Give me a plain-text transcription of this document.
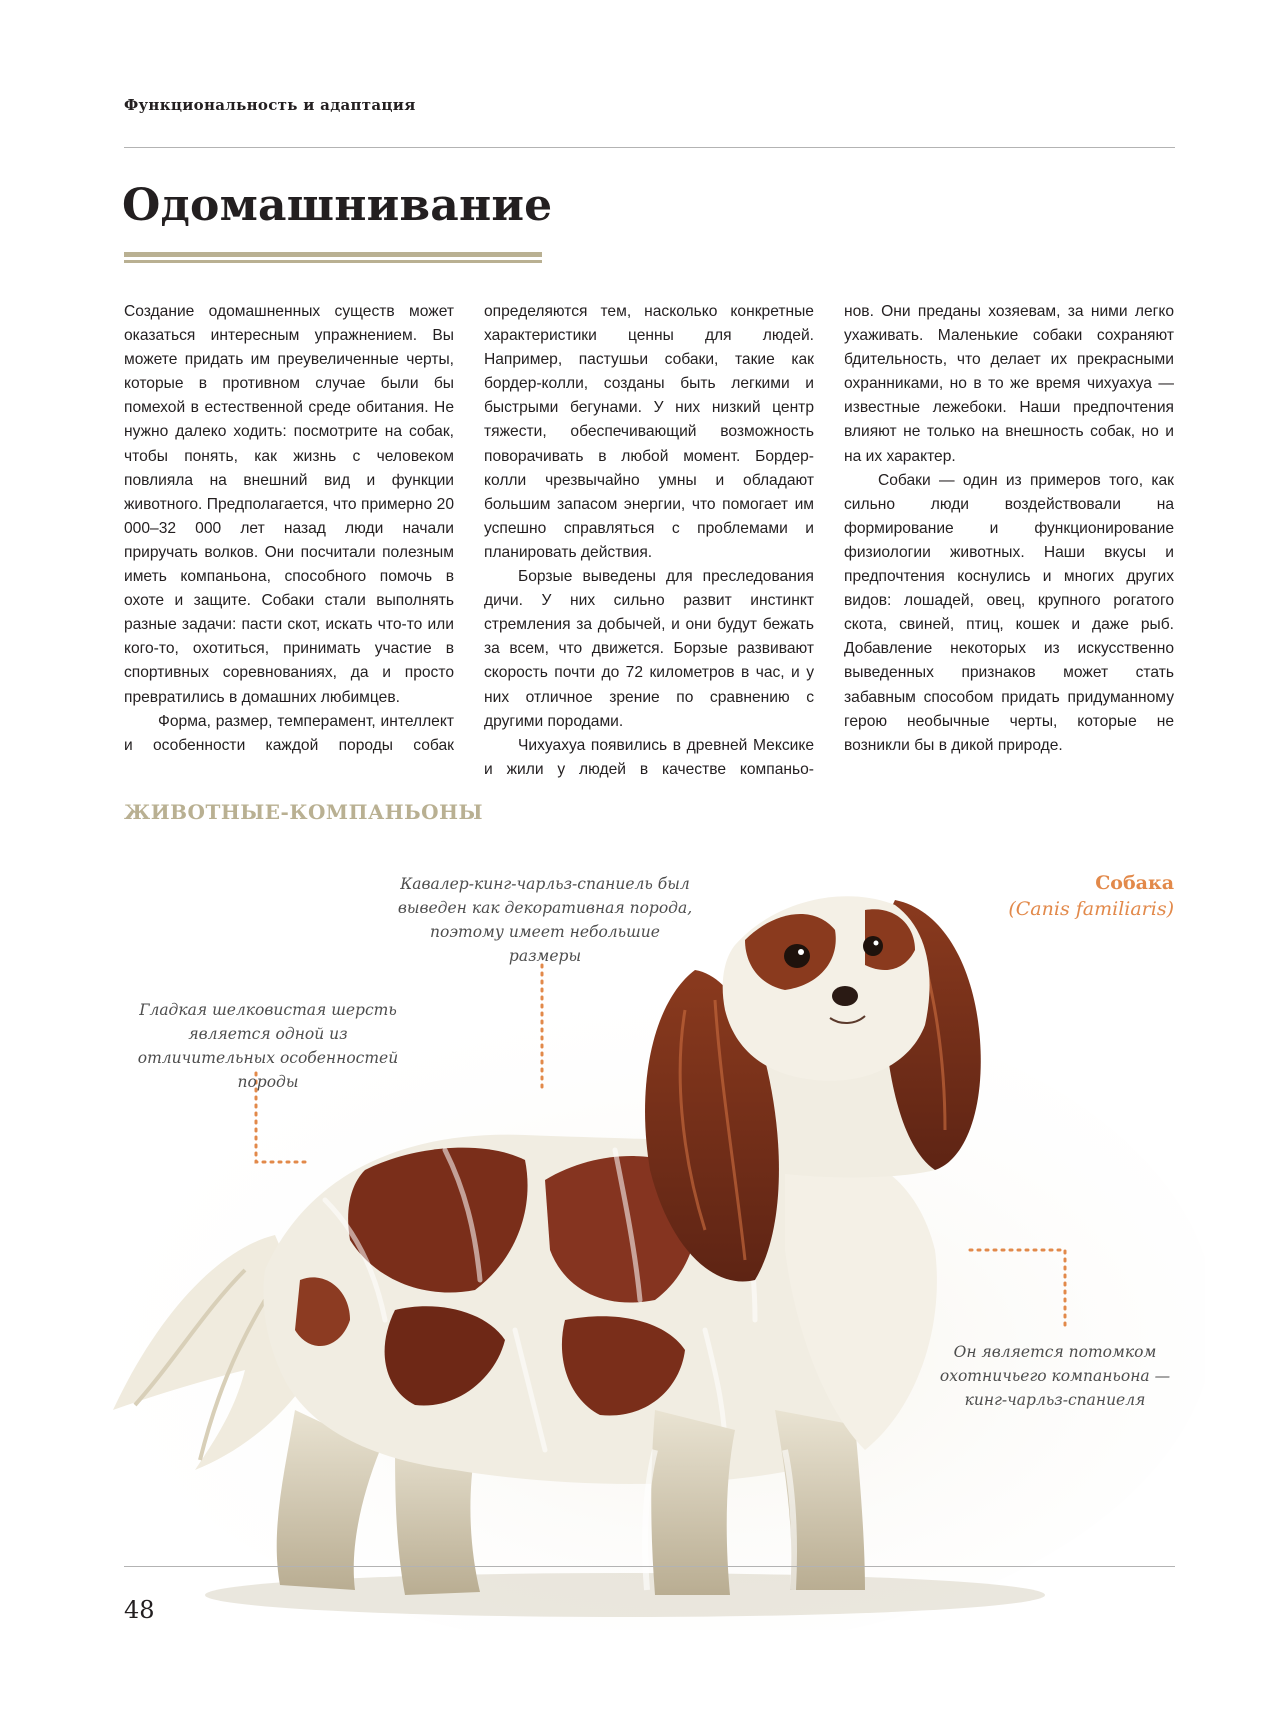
Функциональность и адаптация
Одомашнивание

Создание одомашненных существ может оказаться интересным упражнением. Вы можете придать им преувеличенные черты, которые в противном случае были бы помехой в естественной среде обитания. Не нужно далеко ходить: посмотрите на собак, чтобы понять, как жизнь с человеком повлияла на внешний вид и функции животного. Предполагается, что примерно 20 000–32 000 лет назад люди начали приручать волков. Они посчитали полезным иметь компаньона, способного помочь в охоте и защите. Собаки стали выполнять разные задачи: пасти скот, искать что-то или кого-то, охотиться, принимать участие в спортивных соревнованиях, да и просто превратились в домашних любимцев.

Форма, размер, темперамент, интеллект и особенности каждой породы собак

определяются тем, насколько конкретные характеристики ценны для людей. Например, пастушьи собаки, такие как бордер-колли, созданы быть легкими и быстрыми бегунами. У них низкий центр тяжести, обеспечивающий возможность поворачивать в любой момент. Бордер-колли чрезвычайно умны и обладают большим запасом энергии, что помогает им успешно справляться с проблемами и планировать действия.

Борзые выведены для преследования дичи. У них сильно развит инстинкт стремления за добычей, и они будут бежать за всем, что движется. Борзые развивают скорость почти до 72 километров в час, и у них отличное зрение по сравнению с другими породами.

Чихуахуа появились в древней Мексике и жили у людей в качестве компаньо-

нов. Они преданы хозяевам, за ними легко ухаживать. Маленькие собаки сохраняют бдительность, что делает их прекрасными охранниками, но в то же время чихуахуа — известные лежебоки. Наши предпочтения влияют не только на внешность собак, но и на их характер.

Собаки — один из примеров того, как сильно люди воздействовали на формирование и функционирование физиологии животных. Наши вкусы и предпочтения коснулись и многих других видов: лошадей, овец, крупного рогатого скота, свиней, птиц, кошек и даже рыб. Добавление некоторых из искусственно выведенных признаков может стать забавным способом придать придуманному герою необычные черты, которые не возникли бы в дикой природе.

ЖИВОТНЫЕ-КОМПАНЬОНЫ
Собака
(Canis familiaris)
Кавалер-кинг-чарльз-спаниель был выведен как декоративная порода, поэтому имеет небольшие размеры
Гладкая шелковистая шерсть является одной из отличительных особенностей породы
Он является потомком охотничьего компаньона — кинг-чарльз-спаниеля
48
